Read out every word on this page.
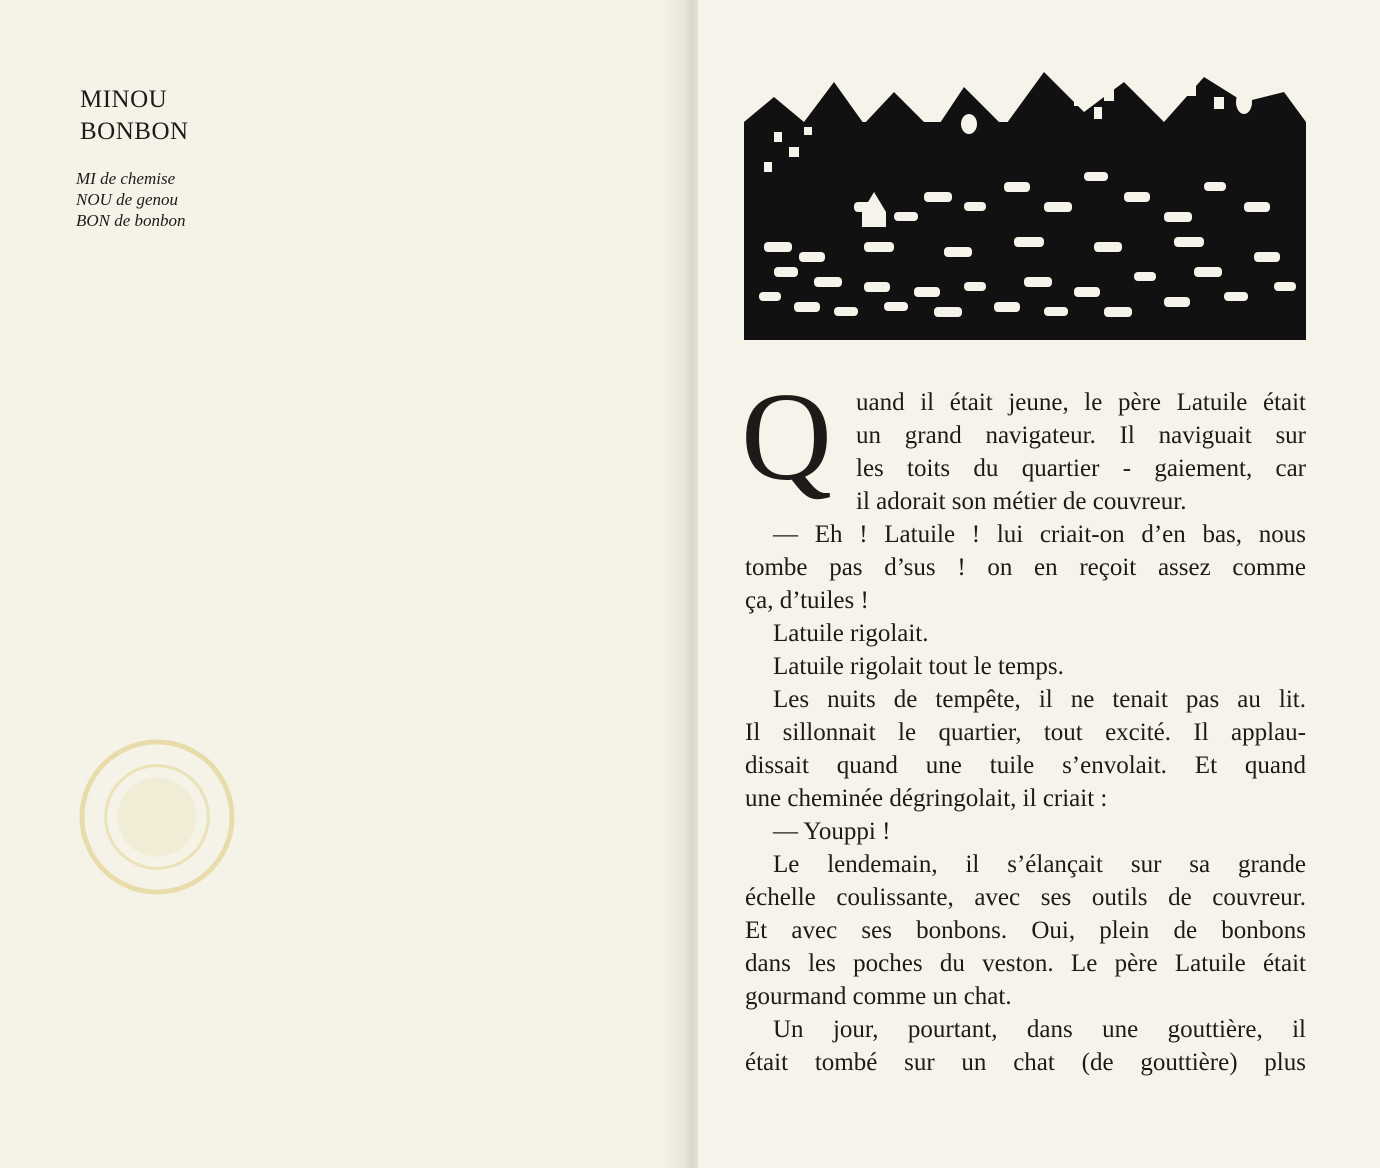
MINOU
BONBON
MI de chemise
NOU de genou
BON de bonbon
Q uand il était jeune, le père Latuile était
un grand navigateur. Il naviguait sur
les toits du quartier - gaiement, car
il adorait son métier de couvreur.
— Eh ! Latuile ! lui criait-on d’en bas, nous
tombe pas d’sus ! on en reçoit assez comme
ça, d’tuiles !
Latuile rigolait.
Latuile rigolait tout le temps.
Les nuits de tempête, il ne tenait pas au lit.
Il sillonnait le quartier, tout excité. Il applau-
dissait quand une tuile s’envolait. Et quand
une cheminée dégringolait, il criait :
— Youppi !
Le lendemain, il s’élançait sur sa grande
échelle coulissante, avec ses outils de couvreur.
Et avec ses bonbons. Oui, plein de bonbons
dans les poches du veston. Le père Latuile était
gourmand comme un chat.
Un jour, pourtant, dans une gouttière, il
était tombé sur un chat (de gouttière) plus
